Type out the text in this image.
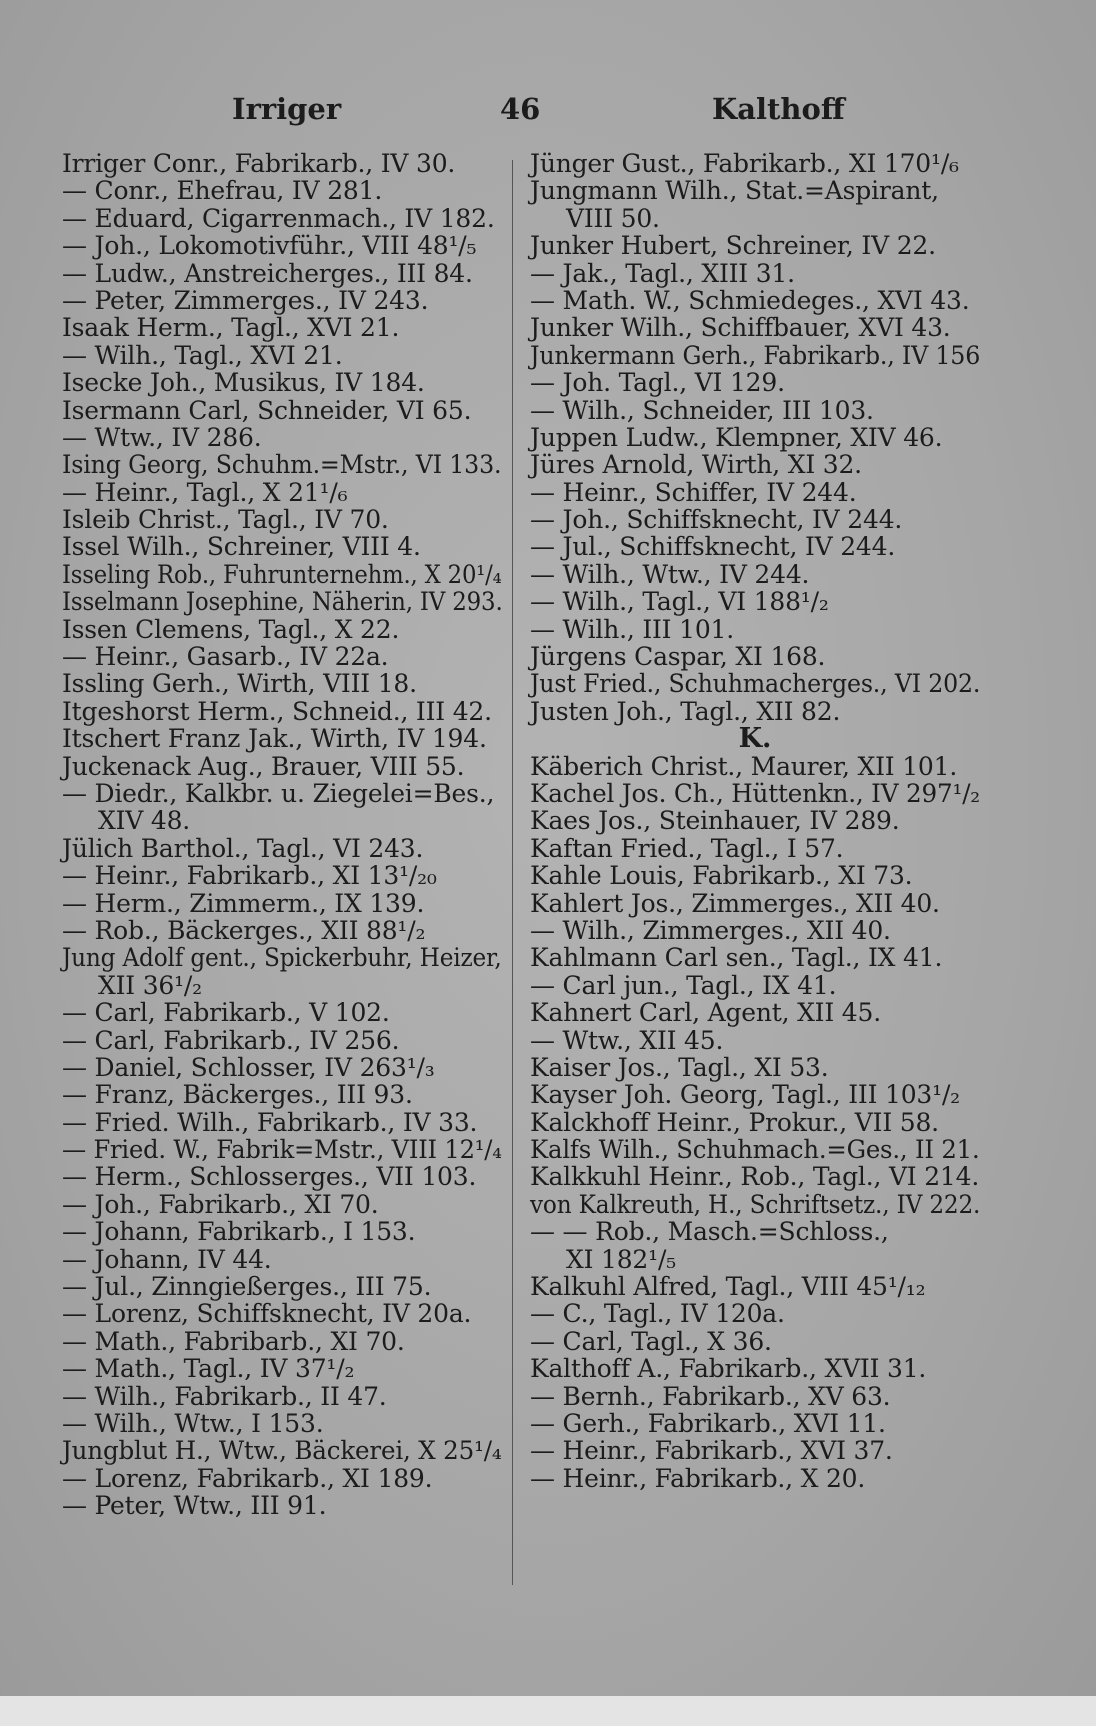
Irriger	46	Kalthoff
Irriger Conr., Fabrikarb., IV 30.
— Conr., Ehefrau, IV 281.
— Eduard, Cigarrenmach., IV 182.
— Joh., Lokomotivführ., VIII 48¹/₅
— Ludw., Anstreicherges., III 84.
— Peter, Zimmerges., IV 243.
Isaak Herm., Tagl., XVI 21.
— Wilh., Tagl., XVI 21.
Isecke Joh., Musikus, IV 184.
Isermann Carl, Schneider, VI 65.
— Wtw., IV 286.
Ising Georg, Schuhm.=Mstr., VI 133.
— Heinr., Tagl., X 21¹/₆
Isleib Christ., Tagl., IV 70.
Issel Wilh., Schreiner, VIII 4.
Isseling Rob., Fuhrunternehm., X 20¹/₄
Isselmann Josephine, Näherin, IV 293.
Issen Clemens, Tagl., X 22.
— Heinr., Gasarb., IV 22a.
Issling Gerh., Wirth, VIII 18.
Itgeshorst Herm., Schneid., III 42.
Itschert Franz Jak., Wirth, IV 194.
Juckenack Aug., Brauer, VIII 55.
— Diedr., Kalkbr. u. Ziegelei=Bes.,
XIV 48.
Jülich Barthol., Tagl., VI 243.
— Heinr., Fabrikarb., XI 13¹/₂₀
— Herm., Zimmerm., IX 139.
— Rob., Bäckerges., XII 88¹/₂
Jung Adolf gent., Spickerbuhr, Heizer,
XII 36¹/₂
— Carl, Fabrikarb., V 102.
— Carl, Fabrikarb., IV 256.
— Daniel, Schlosser, IV 263¹/₃
— Franz, Bäckerges., III 93.
— Fried. Wilh., Fabrikarb., IV 33.
— Fried. W., Fabrik=Mstr., VIII 12¹/₄
— Herm., Schlosserges., VII 103.
— Joh., Fabrikarb., XI 70.
— Johann, Fabrikarb., I 153.
— Johann, IV 44.
— Jul., Zinngießerges., III 75.
— Lorenz, Schiffsknecht, IV 20a.
— Math., Fabribarb., XI 70.
— Math., Tagl., IV 37¹/₂
— Wilh., Fabrikarb., II 47.
— Wilh., Wtw., I 153.
Jungblut H., Wtw., Bäckerei, X 25¹/₄
— Lorenz, Fabrikarb., XI 189.
— Peter, Wtw., III 91.
Jünger Gust., Fabrikarb., XI 170¹/₆
Jungmann Wilh., Stat.=Aspirant,
VIII 50.
Junker Hubert, Schreiner, IV 22.
— Jak., Tagl., XIII 31.
— Math. W., Schmiedeges., XVI 43.
Junker Wilh., Schiffbauer, XVI 43.
Junkermann Gerh., Fabrikarb., IV 156
— Joh. Tagl., VI 129.
— Wilh., Schneider, III 103.
Juppen Ludw., Klempner, XIV 46.
Jüres Arnold, Wirth, XI 32.
— Heinr., Schiffer, IV 244.
— Joh., Schiffsknecht, IV 244.
— Jul., Schiffsknecht, IV 244.
— Wilh., Wtw., IV 244.
— Wilh., Tagl., VI 188¹/₂
— Wilh., III 101.
Jürgens Caspar, XI 168.
Just Fried., Schuhmacherges., VI 202.
Justen Joh., Tagl., XII 82.
K.
Käberich Christ., Maurer, XII 101.
Kachel Jos. Ch., Hüttenkn., IV 297¹/₂
Kaes Jos., Steinhauer, IV 289.
Kaftan Fried., Tagl., I 57.
Kahle Louis, Fabrikarb., XI 73.
Kahlert Jos., Zimmerges., XII 40.
— Wilh., Zimmerges., XII 40.
Kahlmann Carl sen., Tagl., IX 41.
— Carl jun., Tagl., IX 41.
Kahnert Carl, Agent, XII 45.
— Wtw., XII 45.
Kaiser Jos., Tagl., XI 53.
Kayser Joh. Georg, Tagl., III 103¹/₂
Kalckhoff Heinr., Prokur., VII 58.
Kalfs Wilh., Schuhmach.=Ges., II 21.
Kalkkuhl Heinr., Rob., Tagl., VI 214.
von Kalkreuth, H., Schriftsetz., IV 222.
— — Rob., Masch.=Schloss.,
XI 182¹/₅
Kalkuhl Alfred, Tagl., VIII 45¹/₁₂
— C., Tagl., IV 120a.
— Carl, Tagl., X 36.
Kalthoff A., Fabrikarb., XVII 31.
— Bernh., Fabrikarb., XV 63.
— Gerh., Fabrikarb., XVI 11.
— Heinr., Fabrikarb., XVI 37.
— Heinr., Fabrikarb., X 20.
